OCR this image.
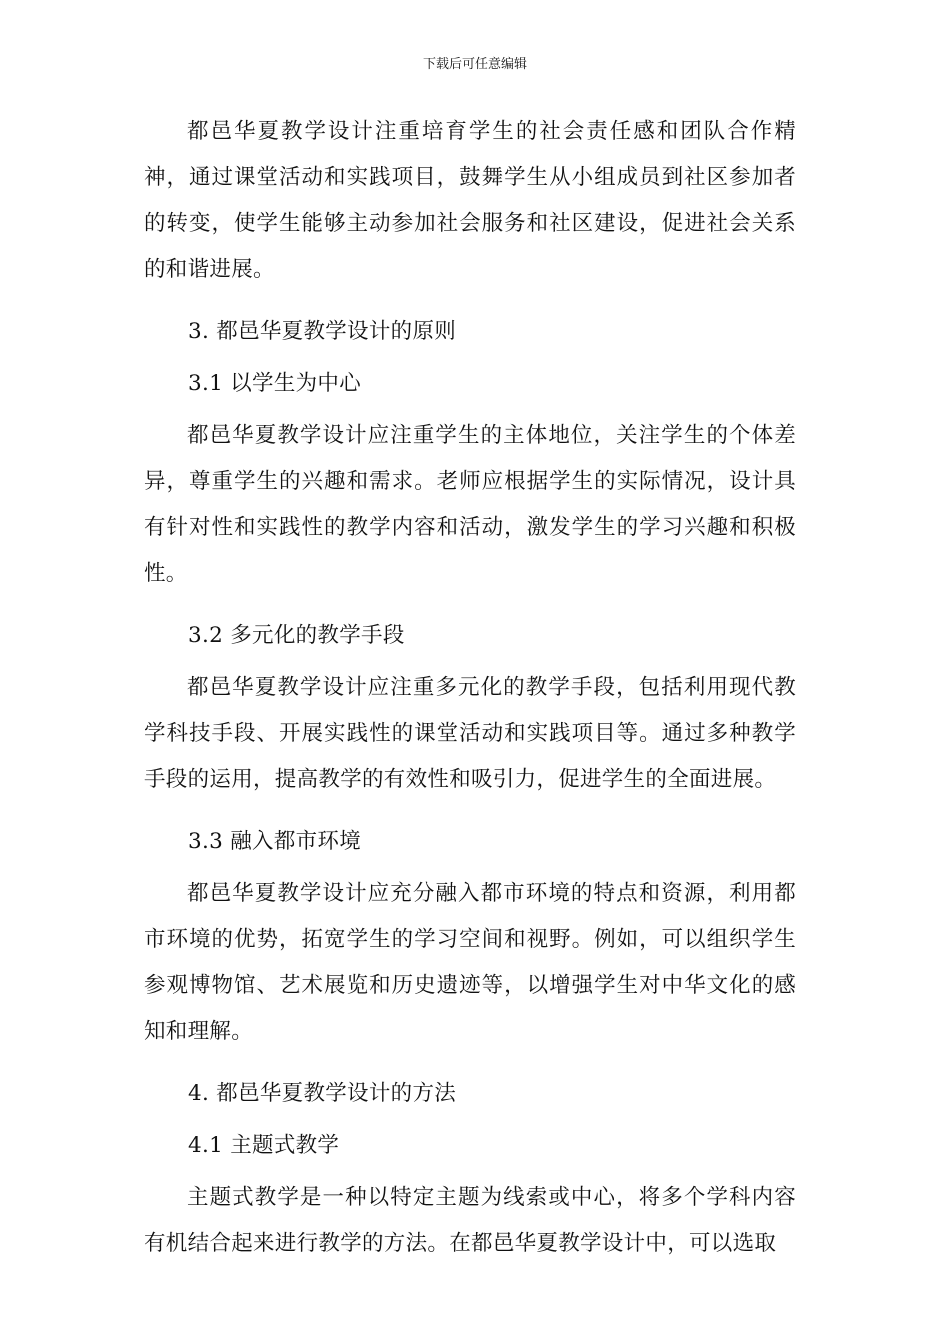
下载后可任意编辑

都邑华夏教学设计注重培育学生的社会责任感和团队合作精神，通过课堂活动和实践项目，鼓舞学生从小组成员到社区参加者的转变，使学生能够主动参加社会服务和社区建设，促进社会关系的和谐进展。

3. 都邑华夏教学设计的原则

3.1 以学生为中心

都邑华夏教学设计应注重学生的主体地位，关注学生的个体差异，尊重学生的兴趣和需求。老师应根据学生的实际情况，设计具有针对性和实践性的教学内容和活动，激发学生的学习兴趣和积极性。

3.2 多元化的教学手段

都邑华夏教学设计应注重多元化的教学手段，包括利用现代教学科技手段、开展实践性的课堂活动和实践项目等。通过多种教学手段的运用，提高教学的有效性和吸引力，促进学生的全面进展。

3.3 融入都市环境

都邑华夏教学设计应充分融入都市环境的特点和资源，利用都市环境的优势，拓宽学生的学习空间和视野。例如，可以组织学生参观博物馆、艺术展览和历史遗迹等，以增强学生对中华文化的感知和理解。

4. 都邑华夏教学设计的方法

4.1 主题式教学

主题式教学是一种以特定主题为线索或中心，将多个学科内容有机结合起来进行教学的方法。在都邑华夏教学设计中，可以选取
